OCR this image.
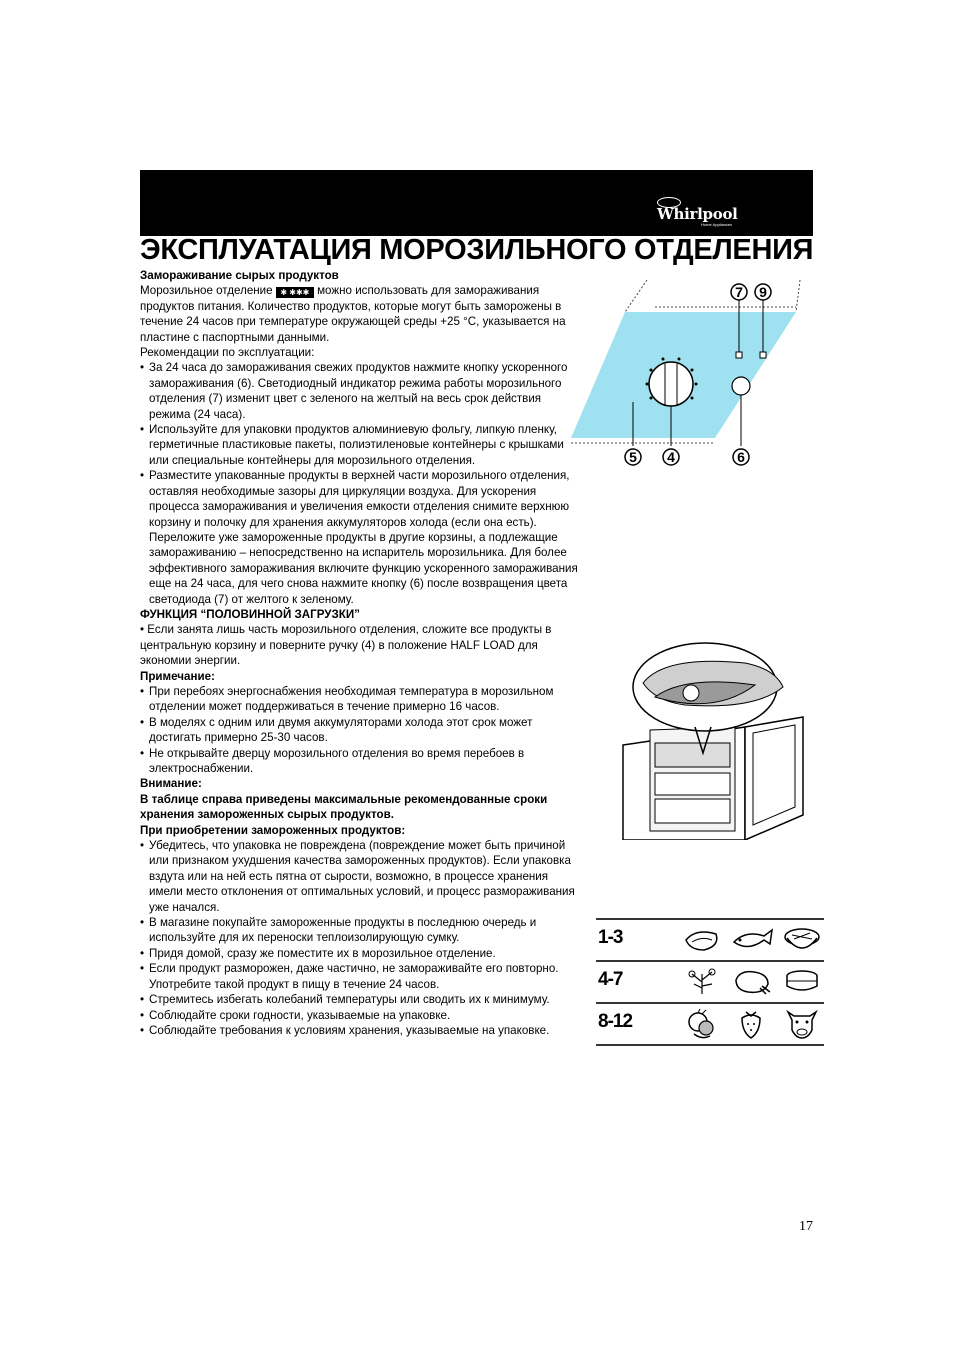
Whirlpool
Home Appliances
ЭКСПЛУАТАЦИЯ МОРОЗИЛЬНОГО ОТДЕЛЕНИЯ

Замораживание сырых продуктов

Морозильное отделение ✱ ✱✱✱ можно использовать для замораживания продуктов питания. Количество продуктов, которые могут быть заморожены в течение 24 часов при температуре окружающей среды +25 °С, указывается на пластине с паспортными данными.

Рекомендации по эксплуатации:

• За 24 часа до замораживания свежих продуктов нажмите кнопку ускоренного замораживания (6). Светодиодный индикатор режима работы морозильного отделения (7) изменит цвет с зеленого на желтый на весь срок действия режима (24 часа).
• Используйте для упаковки продуктов алюминиевую фольгу, липкую пленку, герметичные пластиковые пакеты, полиэтиленовые контейнеры с крышками или специальные контейнеры для морозильного отделения.
• Разместите упакованные продукты в верхней части морозильного отделения, оставляя необходимые зазоры для циркуляции воздуха. Для ускорения процесса замораживания и увеличения емкости отделения снимите верхнюю корзину и полочку для хранения аккумуляторов холода (если она есть). Переложите уже замороженные продукты в другие корзины, а подлежащие замораживанию – непосредственно на испаритель морозильника. Для более эффективного замораживания включите функцию ускоренного замораживания еще на 24 часа, для чего снова нажмите кнопку (6) после возвращения цвета светодиода (7) от желтого к зеленому.

ФУНКЦИЯ “ПОЛОВИННОЙ ЗАГРУЗКИ”

• Если занята лишь часть морозильного отделения, сложите все продукты в центральную корзину и поверните ручку (4) в положение HALF LOAD для экономии энергии.

Примечание:

• При перебоях энергоснабжения необходимая температура в морозильном отделении может поддерживаться в течение примерно 16 часов.
• В моделях с одним или двумя аккумуляторами холода этот срок может достигать примерно 25-30 часов.
• Не открывайте дверцу морозильного отделения во время перебоев в электроснабжении.

Внимание:

В таблице справа приведены максимальные рекомендованные сроки хранения замороженных сырых продуктов.

При приобретении замороженных продуктов:

• Убедитесь, что упаковка не повреждена (повреждение может быть причиной или признаком ухудшения качества замороженных продуктов). Если упаковка вздута или на ней есть пятна от сырости, возможно, в процессе хранения имели место отклонения от оптимальных условий, и процесс размораживания уже начался.
• В магазине покупайте замороженные продукты в последнюю очередь и используйте для их переноски теплоизолирующую сумку.
• Придя домой, сразу же поместите их в морозильное отделение.
• Если продукт разморожен, даже частично, не замораживайте его повторно. Употребите такой продукт в пищу в течение 24 часов.
• Стремитесь избегать колебаний температуры или сводить их к минимуму.
• Соблюдайте сроки годности, указываемые на упаковке.
• Соблюдайте требования к условиям хранения, указываемые на упаковке.
7 9
5 4	6
1-3
4-7
8-12
17
